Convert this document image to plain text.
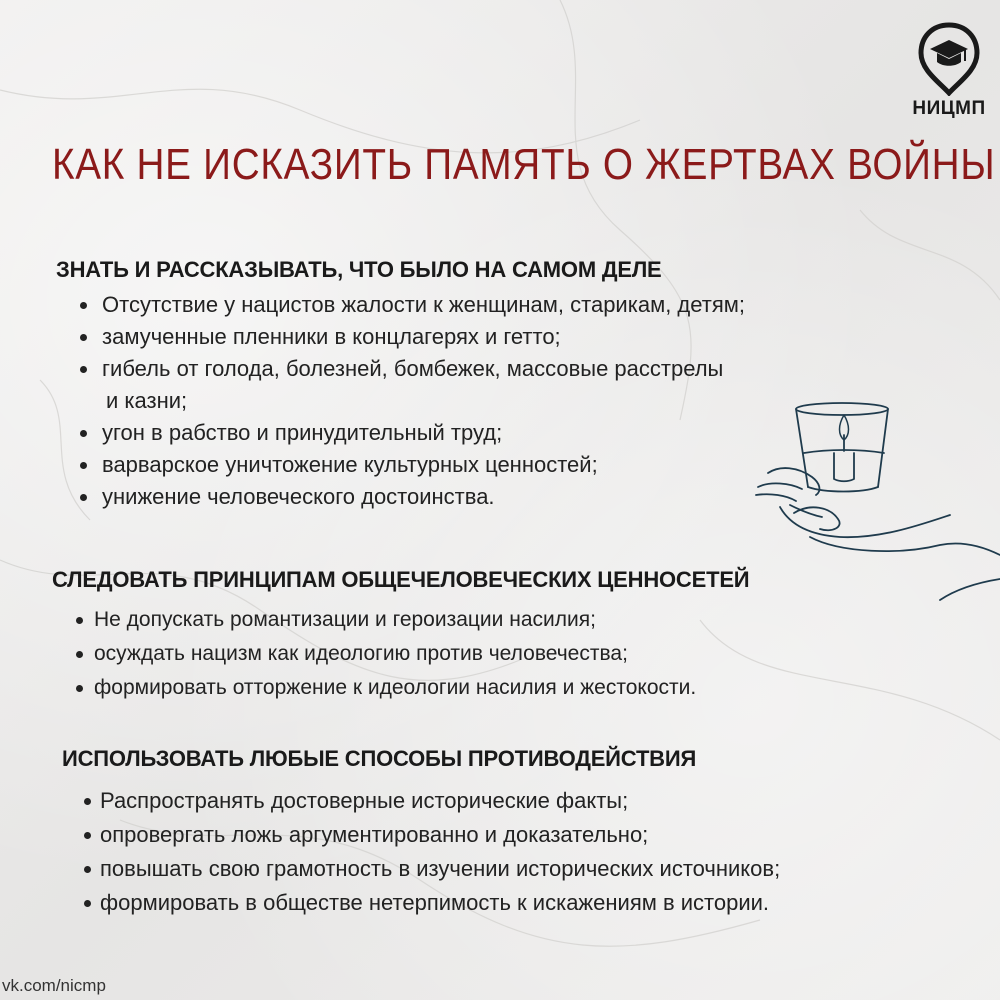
НИЦМП
КАК НЕ ИСКАЗИТЬ ПАМЯТЬ О ЖЕРТВАХ ВОЙНЫ
ЗНАТЬ И РАССКАЗЫВАТЬ, ЧТО БЫЛО НА САМОМ ДЕЛЕ
Отсутствие у нацистов жалости к женщинам, старикам, детям;
замученные пленники в концлагерях и гетто;
гибель от голода, болезней, бомбежек, массовые расстрелы
и казни;
угон в рабство и принудительный труд;
варварское уничтожение культурных ценностей;
унижение человеческого достоинства.
СЛЕДОВАТЬ ПРИНЦИПАМ ОБЩЕЧЕЛОВЕЧЕСКИХ ЦЕННОСЕТЕЙ
Не допускать романтизации и героизации насилия;
осуждать нацизм как идеологию против человечества;
формировать отторжение к идеологии насилия и жестокости.
ИСПОЛЬЗОВАТЬ ЛЮБЫЕ СПОСОБЫ ПРОТИВОДЕЙСТВИЯ
Распространять достоверные исторические факты;
опровергать ложь аргументированно и доказательно;
повышать свою грамотность в изучении исторических источников;
формировать в обществе нетерпимость к искажениям в истории.
vk.com/nicmp
